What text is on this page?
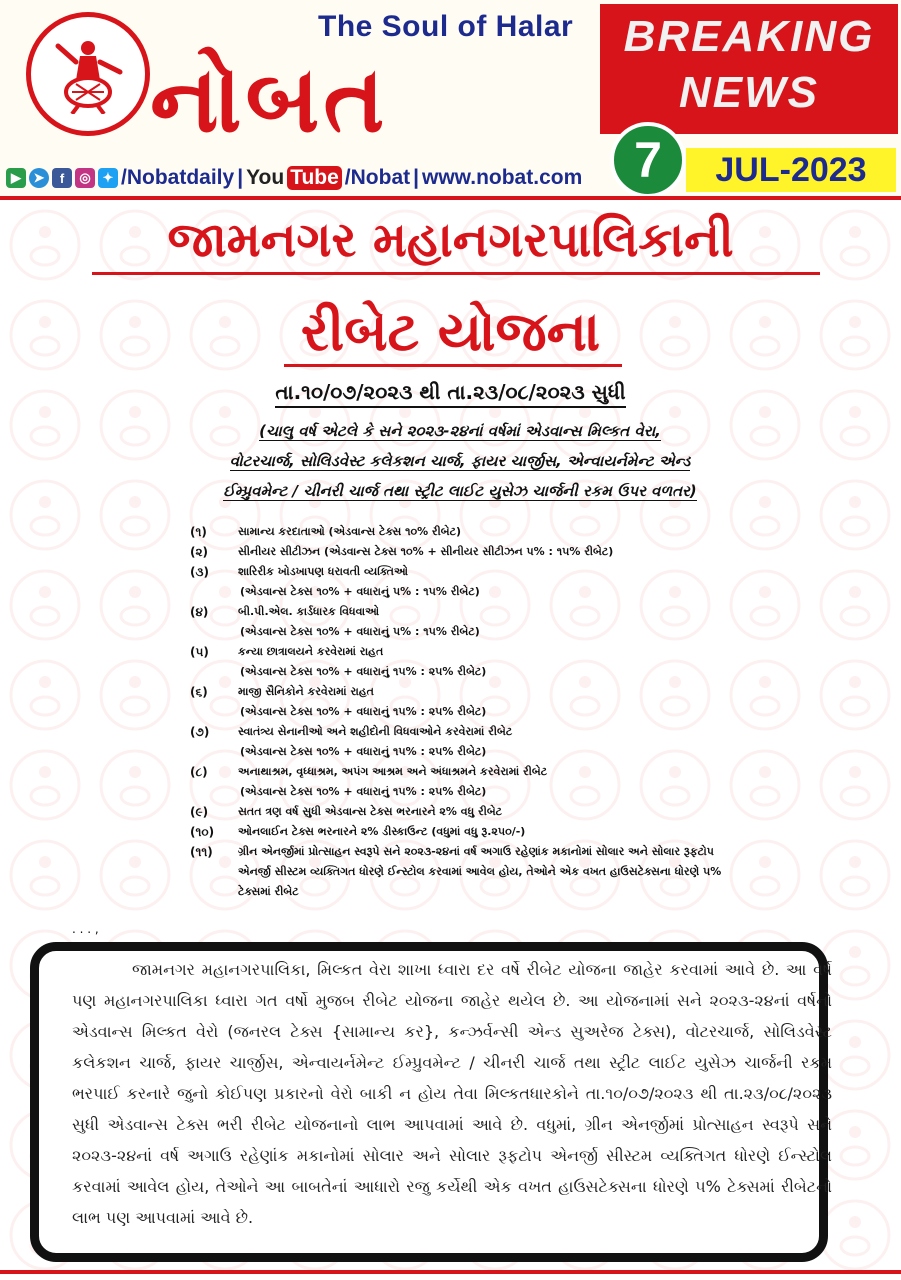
The Soul of Halar
નોબત
▶ ➤	f	◎ ✦ /Nobatdaily | You Tube /Nobat | www.nobat.com
BREAKING
NEWS
JUL-2023
7
જામનગર મહાનગરપાલિકાની
રીબેટ યોજના
તા.૧૦/૦૭/૨૦૨૩ થી તા.૨૩/૦૮/૨૦૨૩ સુધી
(ચાલુ વર્ષ એટલે કે સને ૨૦૨૩-૨૪નાં વર્ષમાં એડવાન્સ મિલ્કત વેરા,
વોટરચાર્જ, સોલિડવેસ્ટ કલેકશન ચાર્જ, ફાયર ચાર્જીસ, એન્વાયર્નમેન્ટ એન્ડ
ઈમ્પ્રુવમેન્ટ / ચીનરી ચાર્જ તથા સ્ટ્રીટ લાઈટ યુસેઝ ચાર્જની રકમ ઉપર વળતર)
(૧)	સામાન્ય કરદાતાઓ (એડવાન્સ ટેક્સ ૧૦% રીબેટ)
(૨)	સીનીયર સીટીઝન (એડવાન્સ ટેક્સ ૧૦% + સીનીયર સીટીઝન પ% : ૧૫% રીબેટ)
(૩)	શારિરીક ખોડખાપણ ધરાવતી વ્યક્તિઓ
(એડવાન્સ ટેક્સ ૧૦% + વધારાનું પ% : ૧૫% રીબેટ)
(૪)	બી.પી.એલ. કાર્ડધારક વિધવાઓ
(એડવાન્સ ટેક્સ ૧૦% + વધારાનું પ% : ૧૫% રીબેટ)
(૫)	કન્યા છાત્રાલયને કરવેરામાં રાહત
(એડવાન્સ ટેક્સ ૧૦% + વધારાનું ૧૫% : ૨૫% રીબેટ)
(૬)	માજી સૈનિકોને કરવેરામાં રાહત
(એડવાન્સ ટેક્સ ૧૦% + વધારાનું ૧૫% : ૨૫% રીબેટ)
(૭)	સ્વાતંત્ર્ય સેનાનીઓ અને શહીદોની વિધવાઓને કરવેરામાં રીબેટ
(એડવાન્સ ટેક્સ ૧૦% + વધારાનું ૧૫% : ૨૫% રીબેટ)
(૮)	અનાથાશ્રમ, વૃધ્ધાશ્રમ, અપંગ આશ્રમ અને અંધાશ્રમને કરવેરામાં રીબેટ
(એડવાન્સ ટેક્સ ૧૦% + વધારાનું ૧૫% : ૨૫% રીબેટ)
(૯)	સતત ત્રણ વર્ષ સુધી એડવાન્સ ટેક્સ ભરનારને ૨% વધુ રીબેટ
(૧૦) ઓનલાઈન ટેક્સ ભરનારને ૨% ડીસ્કાઉન્ટ (વધુમાં વધુ રૂ.૨૫૦/-)
(૧૧) ગ્રીન એનર્જીમાં પ્રોત્સાહન સ્વરૂપે સને ૨૦૨૩-૨૪નાં વર્ષ અગાઉ રહેણાંક મકાનોમાં સોલાર અને સોલાર રૂફટોપ એનર્જી સીસ્ટમ વ્યક્તિગત ધોરણે ઈન્સ્ટોલ કરવામાં આવેલ હોય, તેઓને એક વખત હાઉસટેક્સના ધોરણે ૫% ટેક્સમાં રીબેટ
. . . ,
જામનગર મહાનગરપાલિકા, મિલ્કત વેરા શાખા ધ્વારા દર વર્ષે રીબેટ યોજના જાહેર કરવામાં આવે છે. આ વર્ષે પણ મહાનગરપાલિકા ધ્વારા ગત વર્ષો મુજબ રીબેટ યોજના જાહેર થયેલ છે. આ યોજનામાં સને ૨૦૨૩-૨૪નાં વર્ષનો એડવાન્સ મિલ્કત વેરો (જનરલ ટેક્સ {સામાન્ય કર}, કન્ઝર્વન્સી એન્ડ સુઅરેજ ટેક્સ), વોટરચાર્જ, સોલિડવેસ્ટ કલેકશન ચાર્જ, ફાયર ચાર્જીસ, એન્વાયર્નમેન્ટ ઈમ્પ્રુવમેન્ટ / ચીનરી ચાર્જ તથા સ્ટ્રીટ લાઈટ યુસેઝ ચાર્જની રકમ ભરપાઈ કરનારે જુનો કોઈપણ પ્રકારનો વેરો બાકી ન હોય તેવા મિલ્કતધારકોને તા.૧૦/૦૭/૨૦૨૩ થી તા.૨૩/૦૮/૨૦૨૩ સુધી એડવાન્સ ટેક્સ ભરી રીબેટ યોજનાનો લાભ આપવામાં આવે છે. વધુમાં, ગ્રીન એનર્જીમાં પ્રોત્સાહન સ્વરૂપે સને ૨૦૨૩-૨૪નાં વર્ષ અગાઉ રહેણાંક મકાનોમાં સોલાર અને સોલાર રૂફટોપ એનર્જી સીસ્ટમ વ્યક્તિગત ધોરણે ઈન્સ્ટોલ કરવામાં આવેલ હોય, તેઓને આ બાબતેનાં આધારો રજુ કર્યેથી એક વખત હાઉસટેક્સના ધોરણે ૫% ટેક્સમાં રીબેટનો લાભ પણ આપવામાં આવે છે.
